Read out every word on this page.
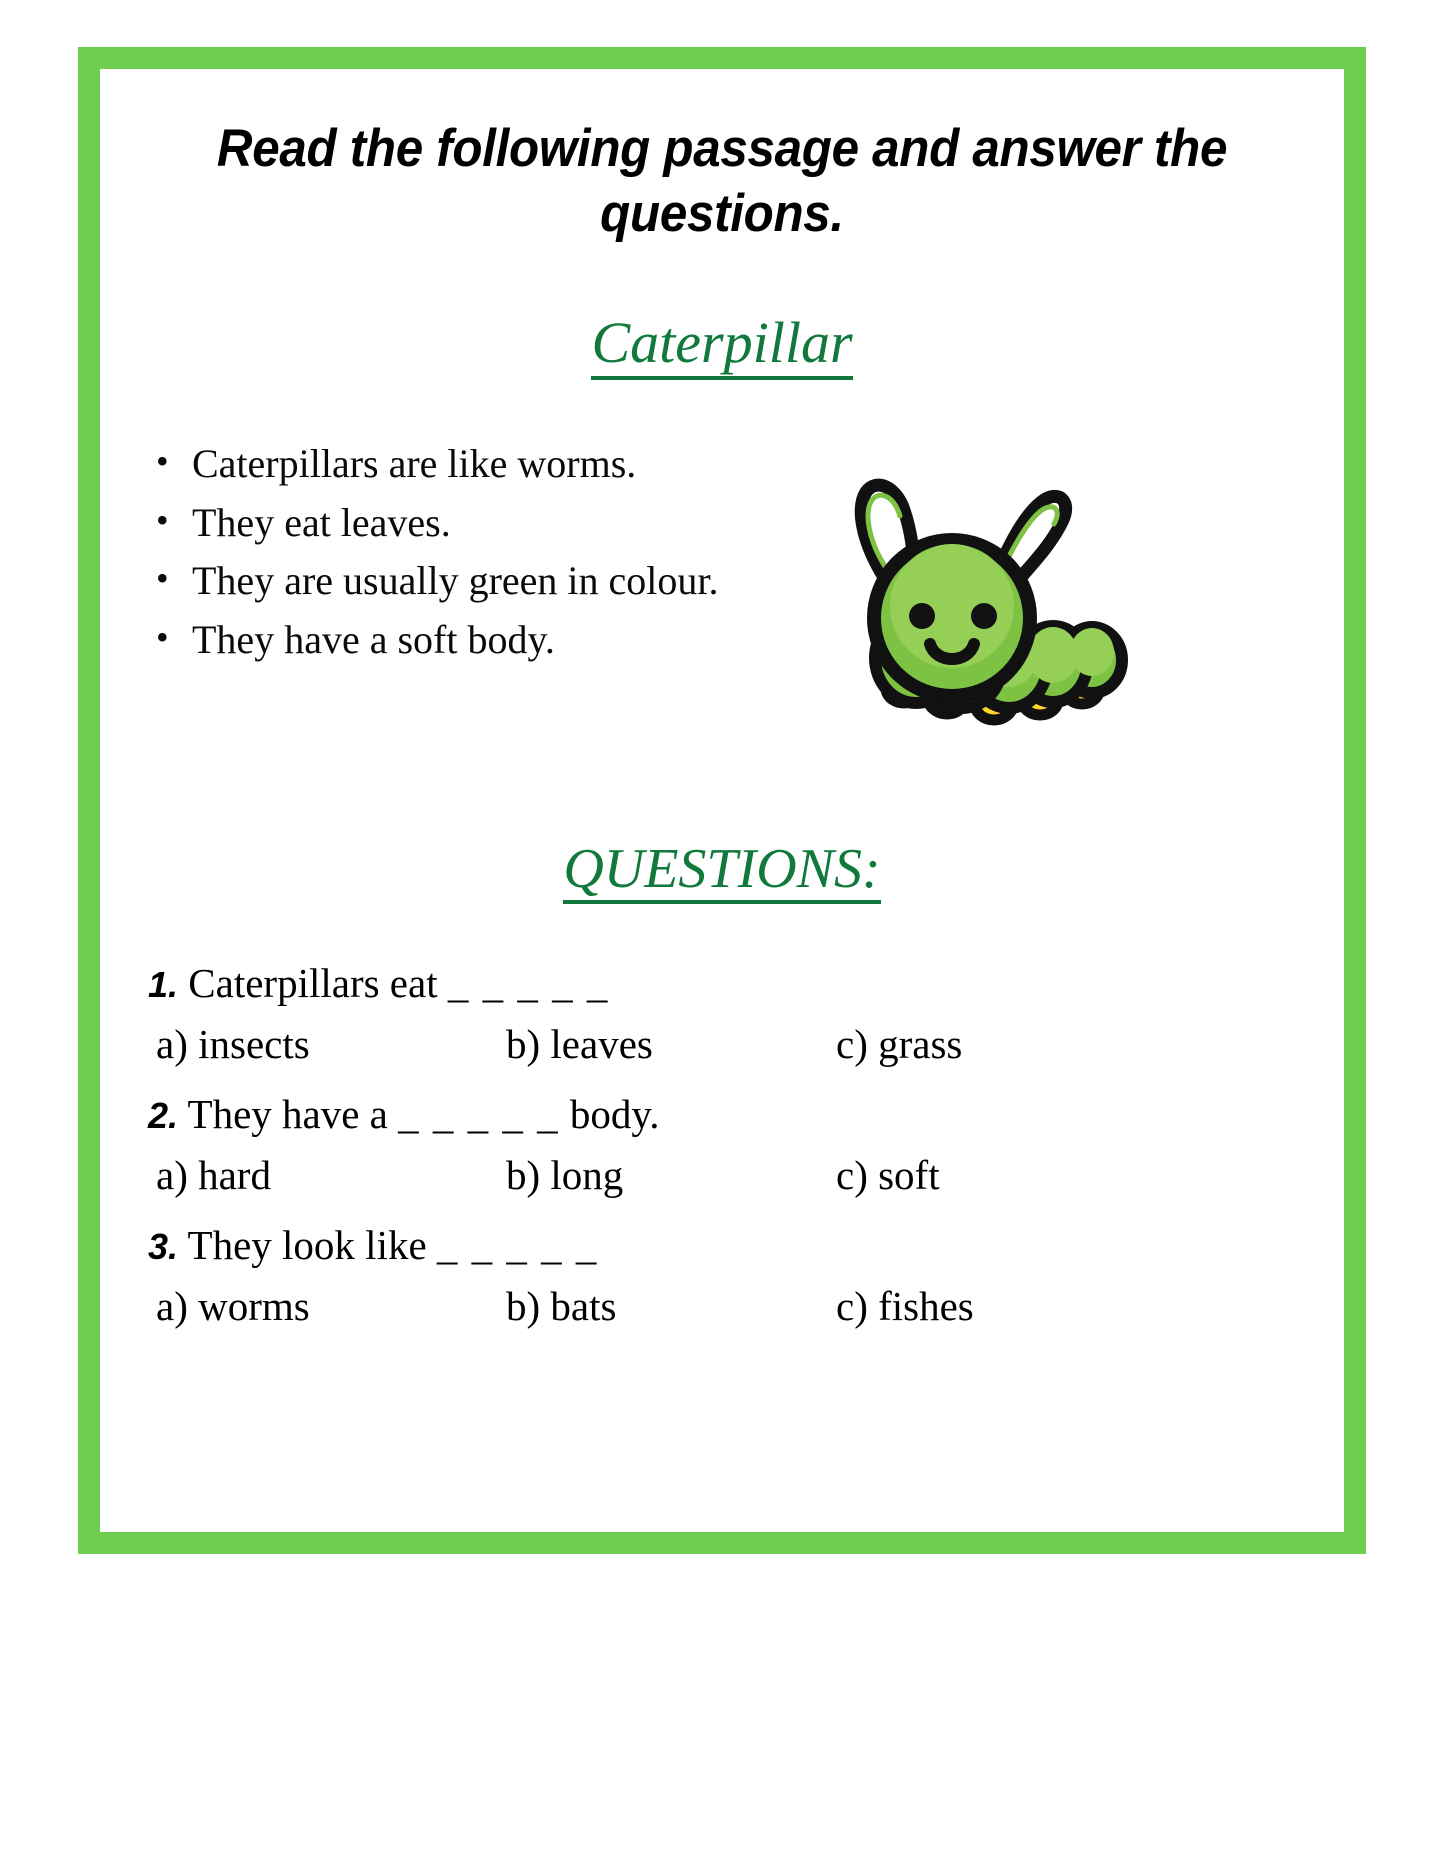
Read the following passage and answer the questions.
Caterpillar
• Caterpillars are like worms.
• They eat leaves.
• They are usually green in colour.
• They have a soft body.
QUESTIONS:
1. Caterpillars eat _ _ _ _ _
a) insects	b) leaves	c) grass
2. They have a _ _ _ _ _ body.
a) hard	b) long	c) soft
3. They look like _ _ _ _ _
a) worms	b) bats	c) fishes
